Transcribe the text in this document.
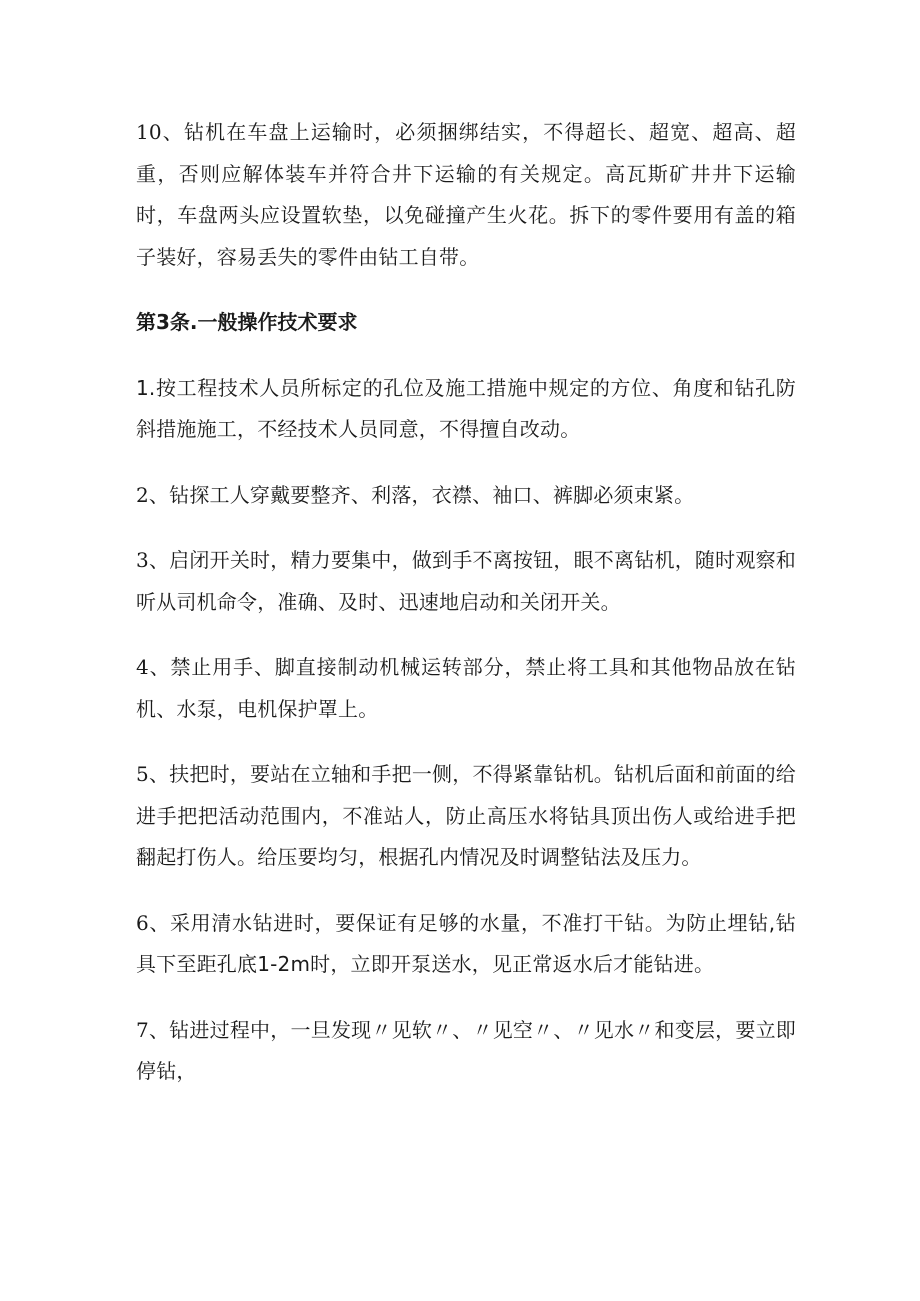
10、钻机在车盘上运输时，必须捆绑结实，不得超长、超宽、超高、超重，否则应解体装车并符合井下运输的有关规定。高瓦斯矿井井下运输时，车盘两头应设置软垫，以免碰撞产生火花。拆下的零件要用有盖的箱子装好，容易丢失的零件由钻工自带。

第3条.一般操作技术要求

1.按工程技术人员所标定的孔位及施工措施中规定的方位、角度和钻孔防斜措施施工，不经技术人员同意，不得擅自改动。

2、钻探工人穿戴要整齐、利落，衣襟、袖口、裤脚必须束紧。

3、启闭开关时，精力要集中，做到手不离按钮，眼不离钻机，随时观察和听从司机命令，准确、及时、迅速地启动和关闭开关。

4、禁止用手、脚直接制动机械运转部分，禁止将工具和其他物品放在钻机、水泵，电机保护罩上。

5、扶把时，要站在立轴和手把一侧，不得紧靠钻机。钻机后面和前面的给进手把把活动范围内，不准站人，防止高压水将钻具顶出伤人或给进手把翻起打伤人。给压要均匀，根据孔内情况及时调整钻法及压力。

6、采用清水钻进时，要保证有足够的水量，不准打干钻。为防止埋钻,钻具下至距孔底1-2m时，立即开泵送水，见正常返水后才能钻进。

7、钻进过程中，一旦发现〃见软〃、〃见空〃、〃见水〃和变层，要立即停钻，
